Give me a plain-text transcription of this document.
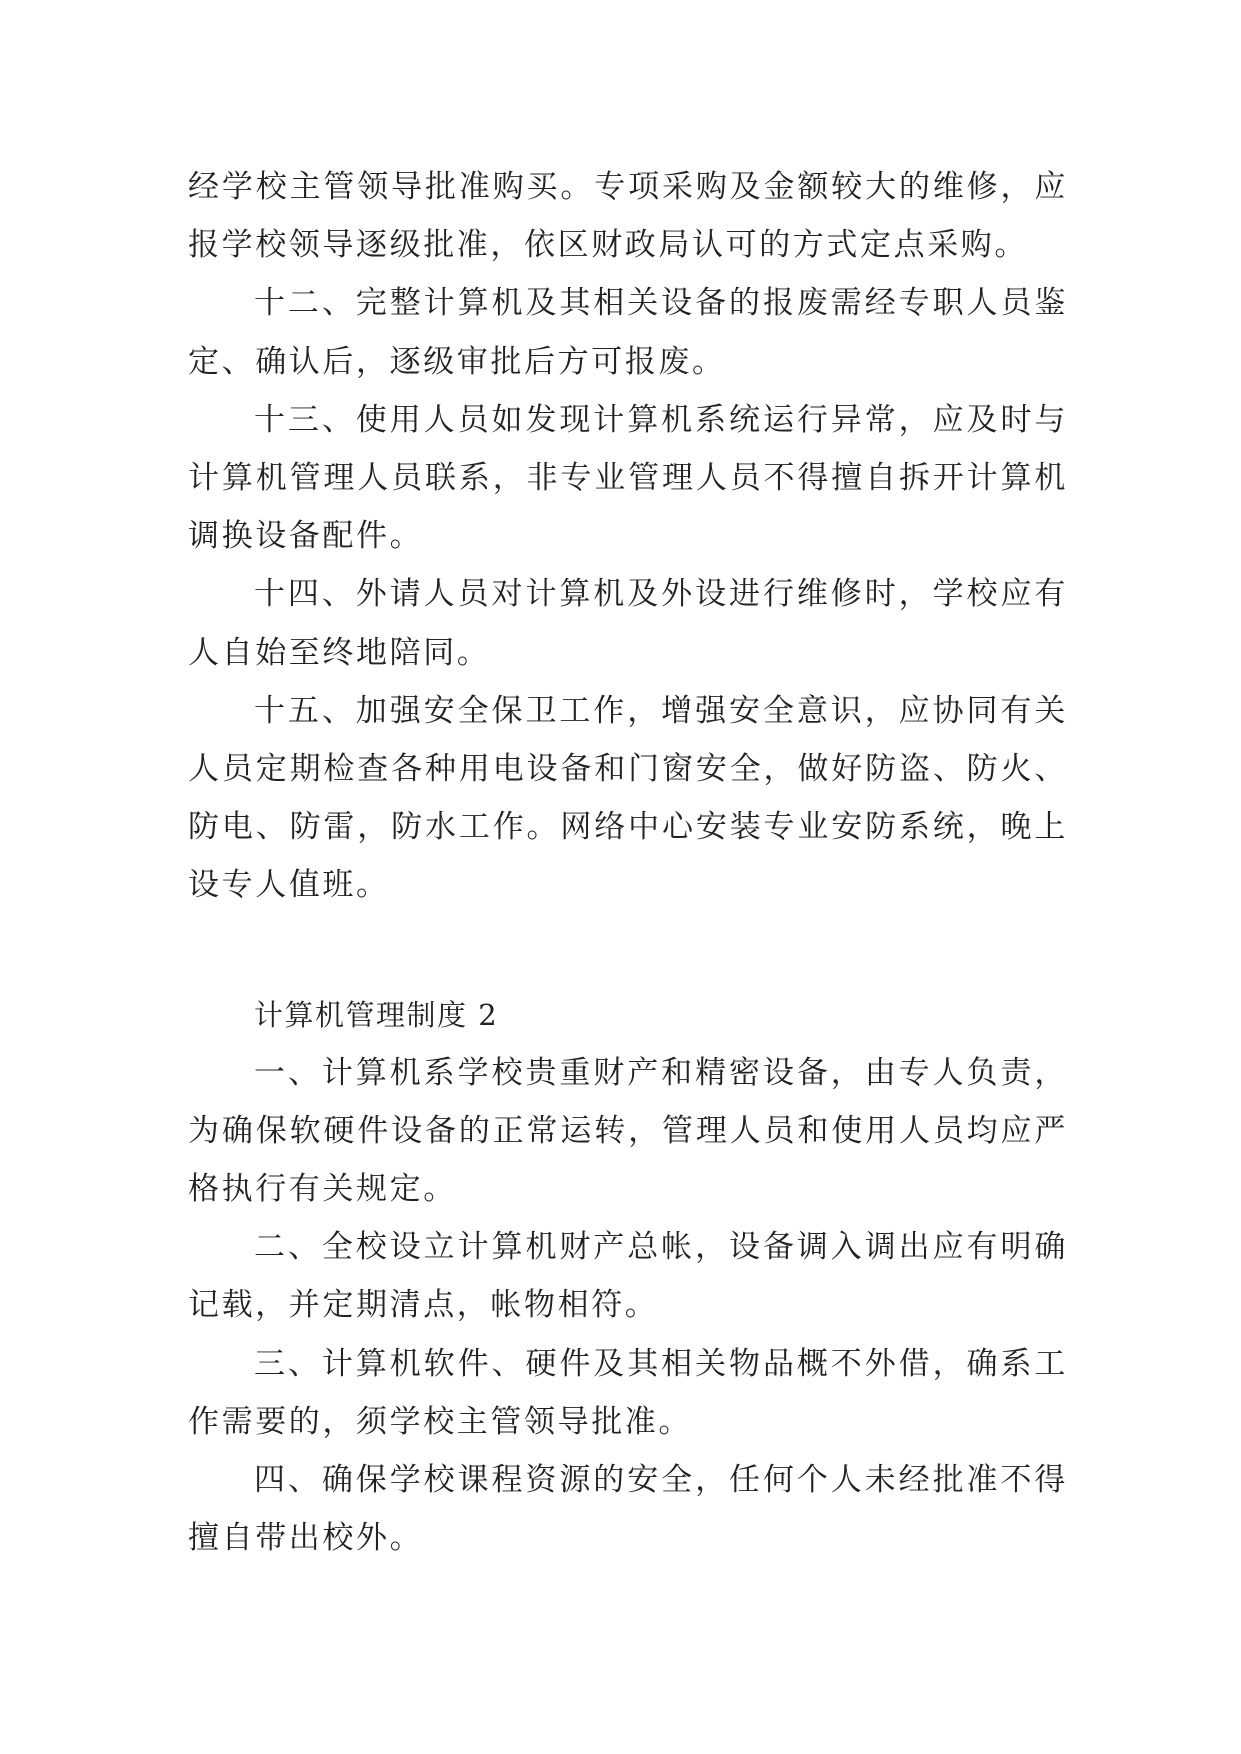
经学校主管领导批准购买。专项采购及金额较大的维修，应报学校领导逐级批准，依区财政局认可的方式定点采购。

十二、完整计算机及其相关设备的报废需经专职人员鉴定、确认后，逐级审批后方可报废。

十三、使用人员如发现计算机系统运行异常，应及时与计算机管理人员联系，非专业管理人员不得擅自拆开计算机调换设备配件。

十四、外请人员对计算机及外设进行维修时，学校应有人自始至终地陪同。

十五、加强安全保卫工作，增强安全意识，应协同有关人员定期检查各种用电设备和门窗安全，做好防盗、防火、防电、防雷，防水工作。网络中心安装专业安防系统，晚上设专人值班。

计算机管理制度 2

一、计算机系学校贵重财产和精密设备，由专人负责，为确保软硬件设备的正常运转，管理人员和使用人员均应严格执行有关规定。

二、全校设立计算机财产总帐，设备调入调出应有明确记载，并定期清点，帐物相符。

三、计算机软件、硬件及其相关物品概不外借，确系工作需要的，须学校主管领导批准。

四、确保学校课程资源的安全，任何个人未经批准不得擅自带出校外。
